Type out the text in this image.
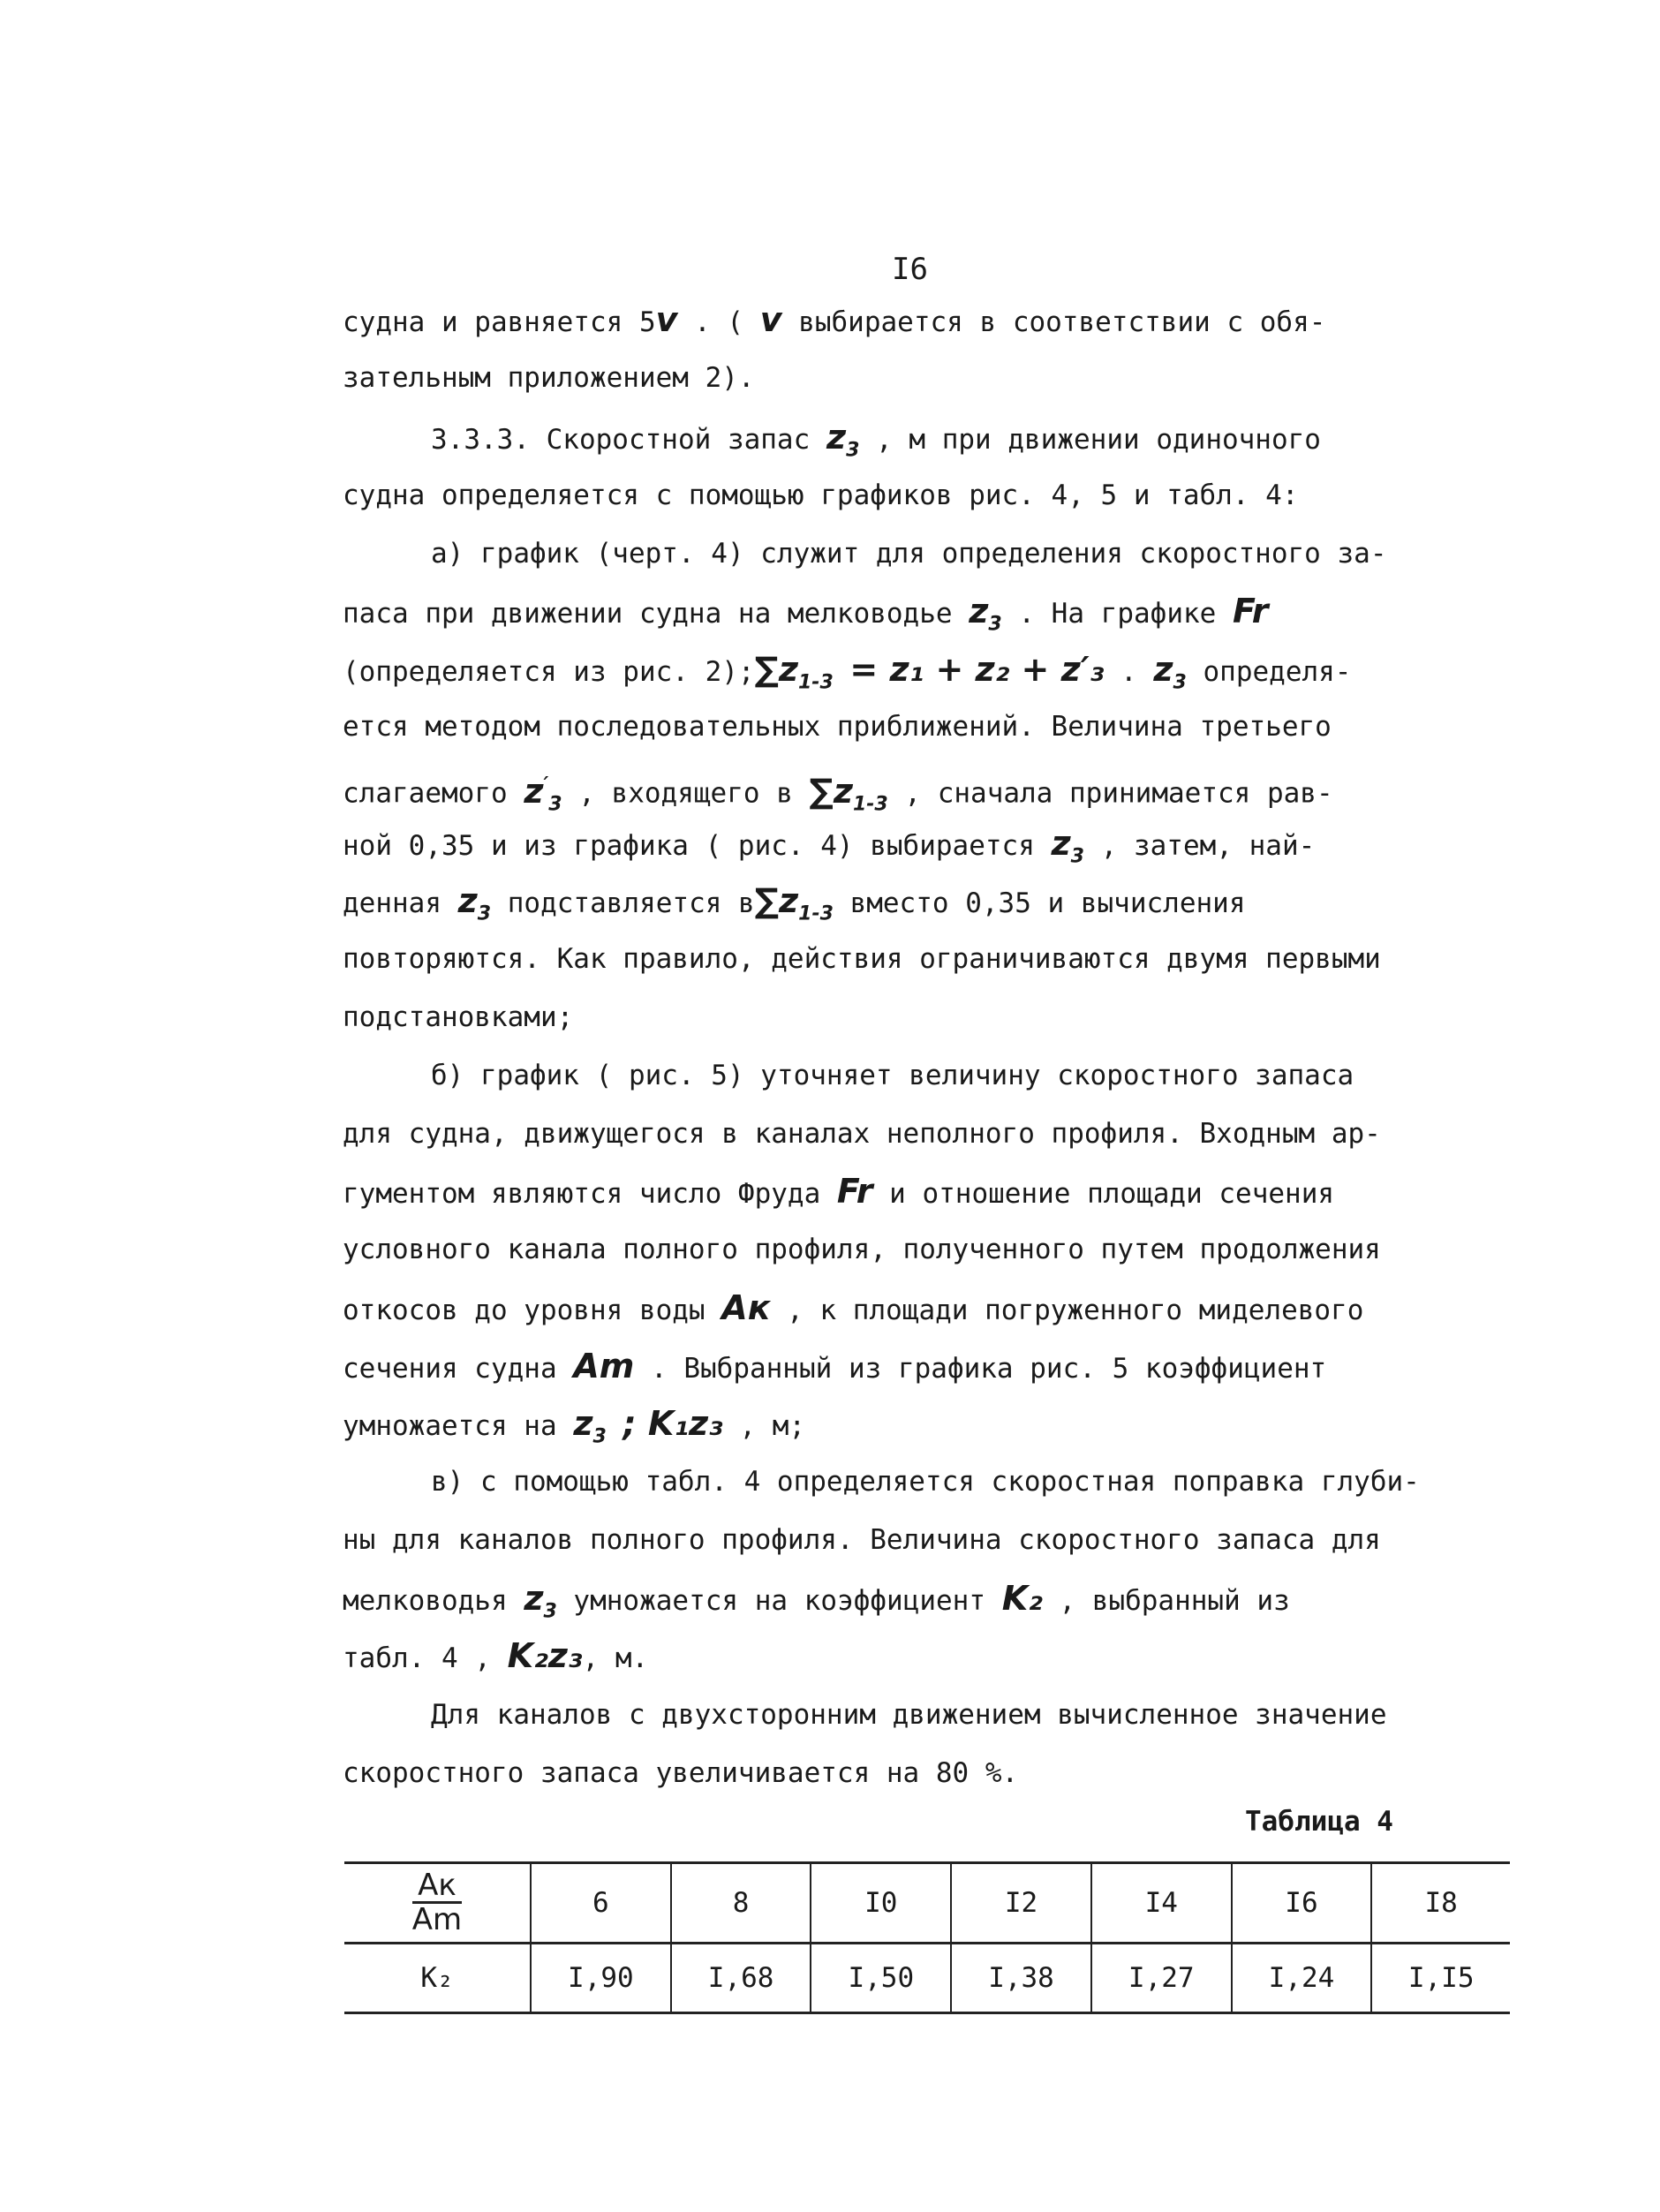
I6
судна и равняется 5v . ( v выбирается в соответствии с обя-
зательным приложением 2).
3.3.3. Скоростной запас $z_3$ , м при движении одиночного
судна определяется с помощью графиков рис. 4, 5 и табл. 4:
а) график (черт. 4) служит для определения скоростного за-
паса при движении судна на мелководье $z_3$ . На графике Fr
(определяется из рис. $2);\sum z_{1-3} = z_1 + z_2 + z'_3$ . $z_3$ определя-
ется методом последовательных приближений. Величина третьего
слагаемого $z'_3$ , входящего в $\sum z_{1-3}$ , сначала принимается рав-
ной 0,35 и из графика ( рис. 4) выбирается $z_3$ , затем, най-
денная $z_3$ подставляется $в\sum z_{1-3}$ вместо 0,35 и вычисления
повторяются. Как правило, действия ограничиваются двумя первыми
подстановками;
б) график ( рис. 5) уточняет величину скоростного запаса
для судна, движущегося в каналах неполного профиля. Входным ар-
гументом являются число Фруда Fr и отношение площади сечения
условного канала полного профиля, полученного путем продолжения
откосов до уровня воды Aк , к площади погруженного миделевого
сечения судна Am . Выбранный из графика рис. 5 коэффициент
умножается на $z_3$ ; K₁z₃ , м;
в) с помощью табл. 4 определяется скоростная поправка глуби-
ны для каналов полного профиля. Величина скоростного запаса для
мелководья $z_3$ умножается на коэффициент K₂ , выбранный из
табл. 4 , K₂z₃, м.
Для каналов с двухсторонним движением вычисленное значение
скоростного запаса увеличивается на 80 %.
Таблица 4
$\frac{Aк}{Am}$	6	8	I0	I2	I4	I6	I8
K₂	I,90	I,68	I,50	I,38	I,27	I,24	I,I5
